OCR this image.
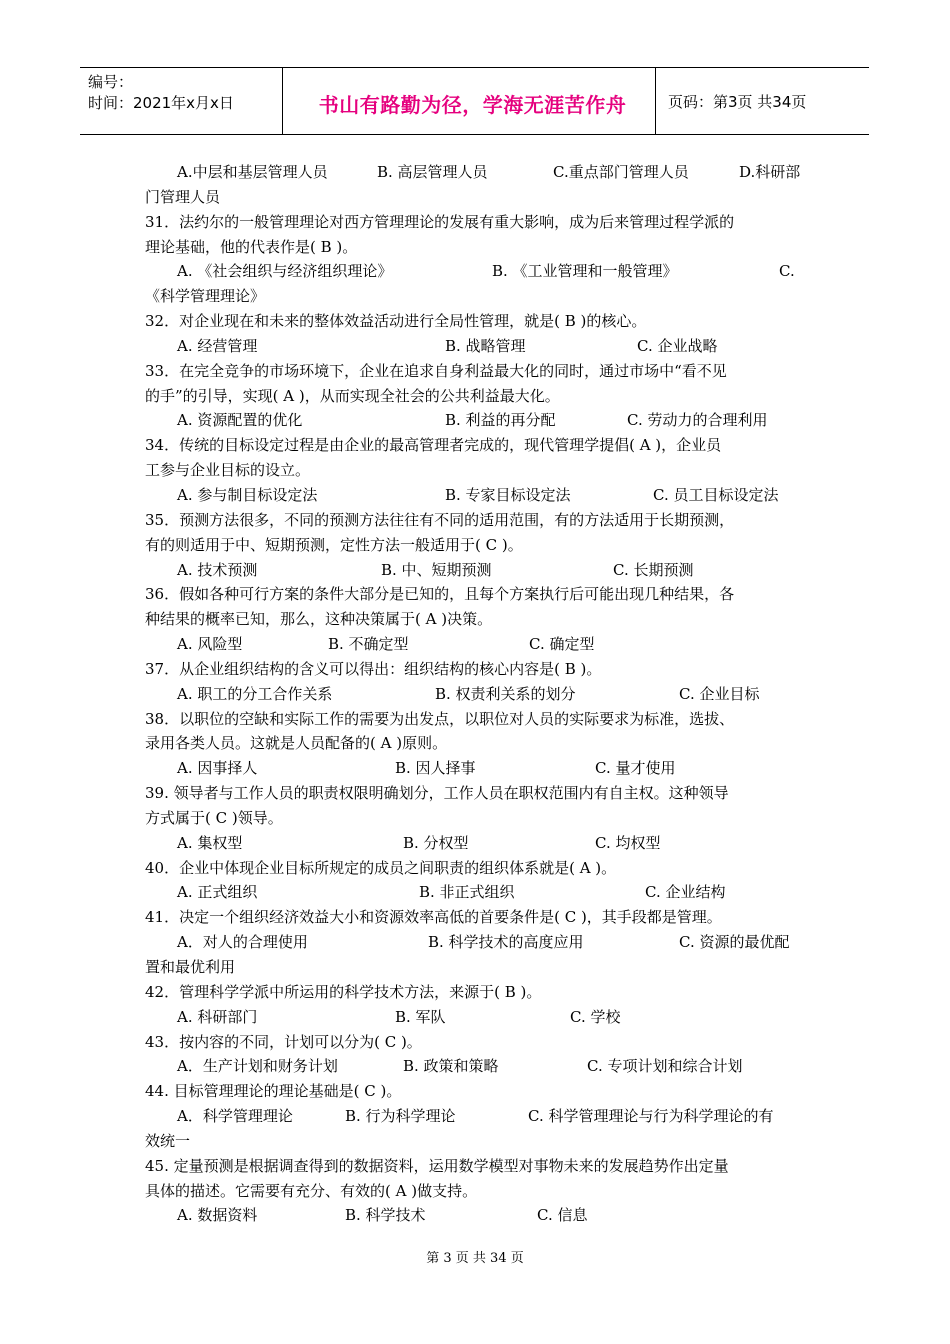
编号：
时间：2021年x月x日	书山有路勤为径，学海无涯苦作舟	页码：第3页 共34页
A.中层和基层管理人员	B. 高层管理人员	C.重点部门管理人员	D.科研部
门管理人员
31．法约尔的一般管理理论对西方管理理论的发展有重大影响，成为后来管理过程学派的
理论基础，他的代表作是( B )。
A. 《社会组织与经济组织理论》	B. 《工业管理和一般管理》	C.
《科学管理理论》
32．对企业现在和未来的整体效益活动进行全局性管理，就是( B )的核心。
A. 经营管理	B. 战略管理	C. 企业战略
33．在完全竞争的市场环境下，企业在追求自身利益最大化的同时，通过市场中“看不见
的手”的引导，实现( A )，从而实现全社会的公共利益最大化。
A. 资源配置的优化	B. 利益的再分配	C. 劳动力的合理利用
34．传统的目标设定过程是由企业的最高管理者完成的，现代管理学提倡( A )，企业员
工参与企业目标的设立。
A. 参与制目标设定法	B. 专家目标设定法	C. 员工目标设定法
35．预测方法很多，不同的预测方法往往有不同的适用范围，有的方法适用于长期预测，
有的则适用于中、短期预测，定性方法一般适用于( C )。
A. 技术预测	B. 中、短期预测	C. 长期预测
36．假如各种可行方案的条件大部分是已知的，且每个方案执行后可能出现几种结果，各
种结果的概率已知，那么，这种决策属于( A )决策。
A. 风险型	B. 不确定型	C. 确定型
37．从企业组织结构的含义可以得出：组织结构的核心内容是( B )。
A. 职工的分工合作关系	B. 权责利关系的划分	C. 企业目标
38．以职位的空缺和实际工作的需要为出发点，以职位对人员的实际要求为标准，选拔、
录用各类人员。这就是人员配备的( A )原则。
A. 因事择人	B. 因人择事	C. 量才使用
39. 领导者与工作人员的职责权限明确划分，工作人员在职权范围内有自主权。这种领导
方式属于( C )领导。
A. 集权型	B. 分权型	C. 均权型
40．企业中体现企业目标所规定的成员之间职责的组织体系就是( A )。
A. 正式组织	B. 非正式组织	C. 企业结构
41．决定一个组织经济效益大小和资源效率高低的首要条件是( C )，其手段都是管理。
A．对人的合理使用	B. 科学技术的高度应用	C. 资源的最优配
置和最优利用
42．管理科学学派中所运用的科学技术方法，来源于( B )。
A. 科研部门	B. 军队	C. 学校
43．按内容的不同，计划可以分为( C )。
A．生产计划和财务计划	B. 政策和策略	C. 专项计划和综合计划
44. 目标管理理论的理论基础是( C )。
A．科学管理理论	B. 行为科学理论	C. 科学管理理论与行为科学理论的有
效统一
45. 定量预测是根据调查得到的数据资料，运用数学模型对事物未来的发展趋势作出定量
具体的描述。它需要有充分、有效的( A )做支持。
A. 数据资料	B. 科学技术	C. 信息
第 3 页 共 34 页
